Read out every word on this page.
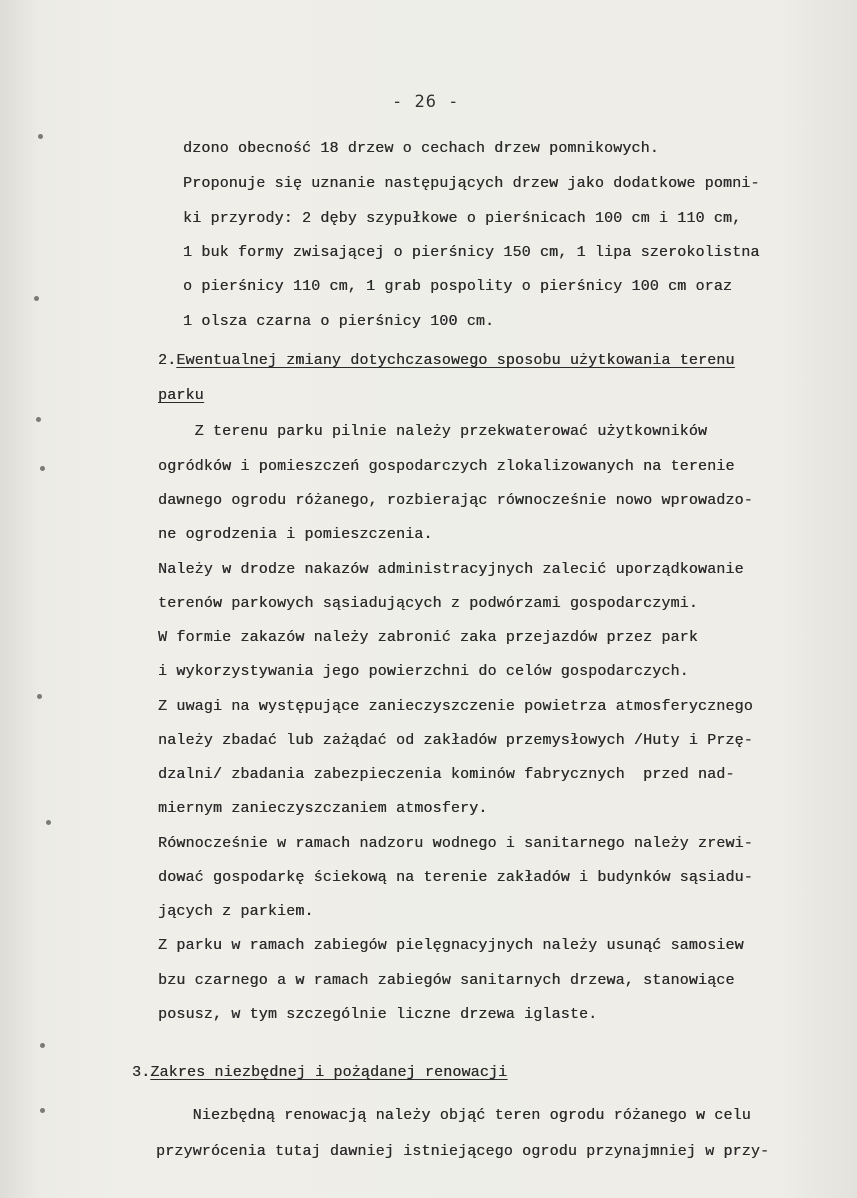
- 26 -
dzono obecność 18 drzew o cechach drzew pomnikowych.
Proponuje się uznanie następujących drzew jako dodatkowe pomni-
ki przyrody: 2 dęby szypułkowe o pierśnicach 100 cm i 110 cm,
1 buk formy zwisającej o pierśnicy 150 cm, 1 lipa szerokolistna
o pierśnicy 110 cm, 1 grab pospolity o pierśnicy 100 cm oraz
1 olsza czarna o pierśnicy 100 cm.
2.Ewentualnej zmiany dotychczasowego sposobu użytkowania terenu
parku
Z terenu parku pilnie należy przekwaterować użytkowników
ogródków i pomieszczeń gospodarczych zlokalizowanych na terenie
dawnego ogrodu różanego, rozbierając równocześnie nowo wprowadzo-
ne ogrodzenia i pomieszczenia.
Należy w drodze nakazów administracyjnych zalecić uporządkowanie
terenów parkowych sąsiadujących z podwórzami gospodarczymi.
W formie zakazów należy zabronić zaka przejazdów przez park
i wykorzystywania jego powierzchni do celów gospodarczych.
Z uwagi na występujące zanieczyszczenie powietrza atmosferycznego
należy zbadać lub zażądać od zakładów przemysłowych /Huty i Przę-
dzalni/ zbadania zabezpieczenia kominów fabrycznych  przed nad-
miernym zanieczyszczaniem atmosfery.
Równocześnie w ramach nadzoru wodnego i sanitarnego należy zrewi-
dować gospodarkę ściekową na terenie zakładów i budynków sąsiadu-
jących z parkiem.
Z parku w ramach zabiegów pielęgnacyjnych należy usunąć samosiew
bzu czarnego a w ramach zabiegów sanitarnych drzewa, stanowiące
posusz, w tym szczególnie liczne drzewa iglaste.
3.Zakres niezbędnej i pożądanej renowacji
Niezbędną renowacją należy objąć teren ogrodu różanego w celu
przywrócenia tutaj dawniej istniejącego ogrodu przynajmniej w przy-
